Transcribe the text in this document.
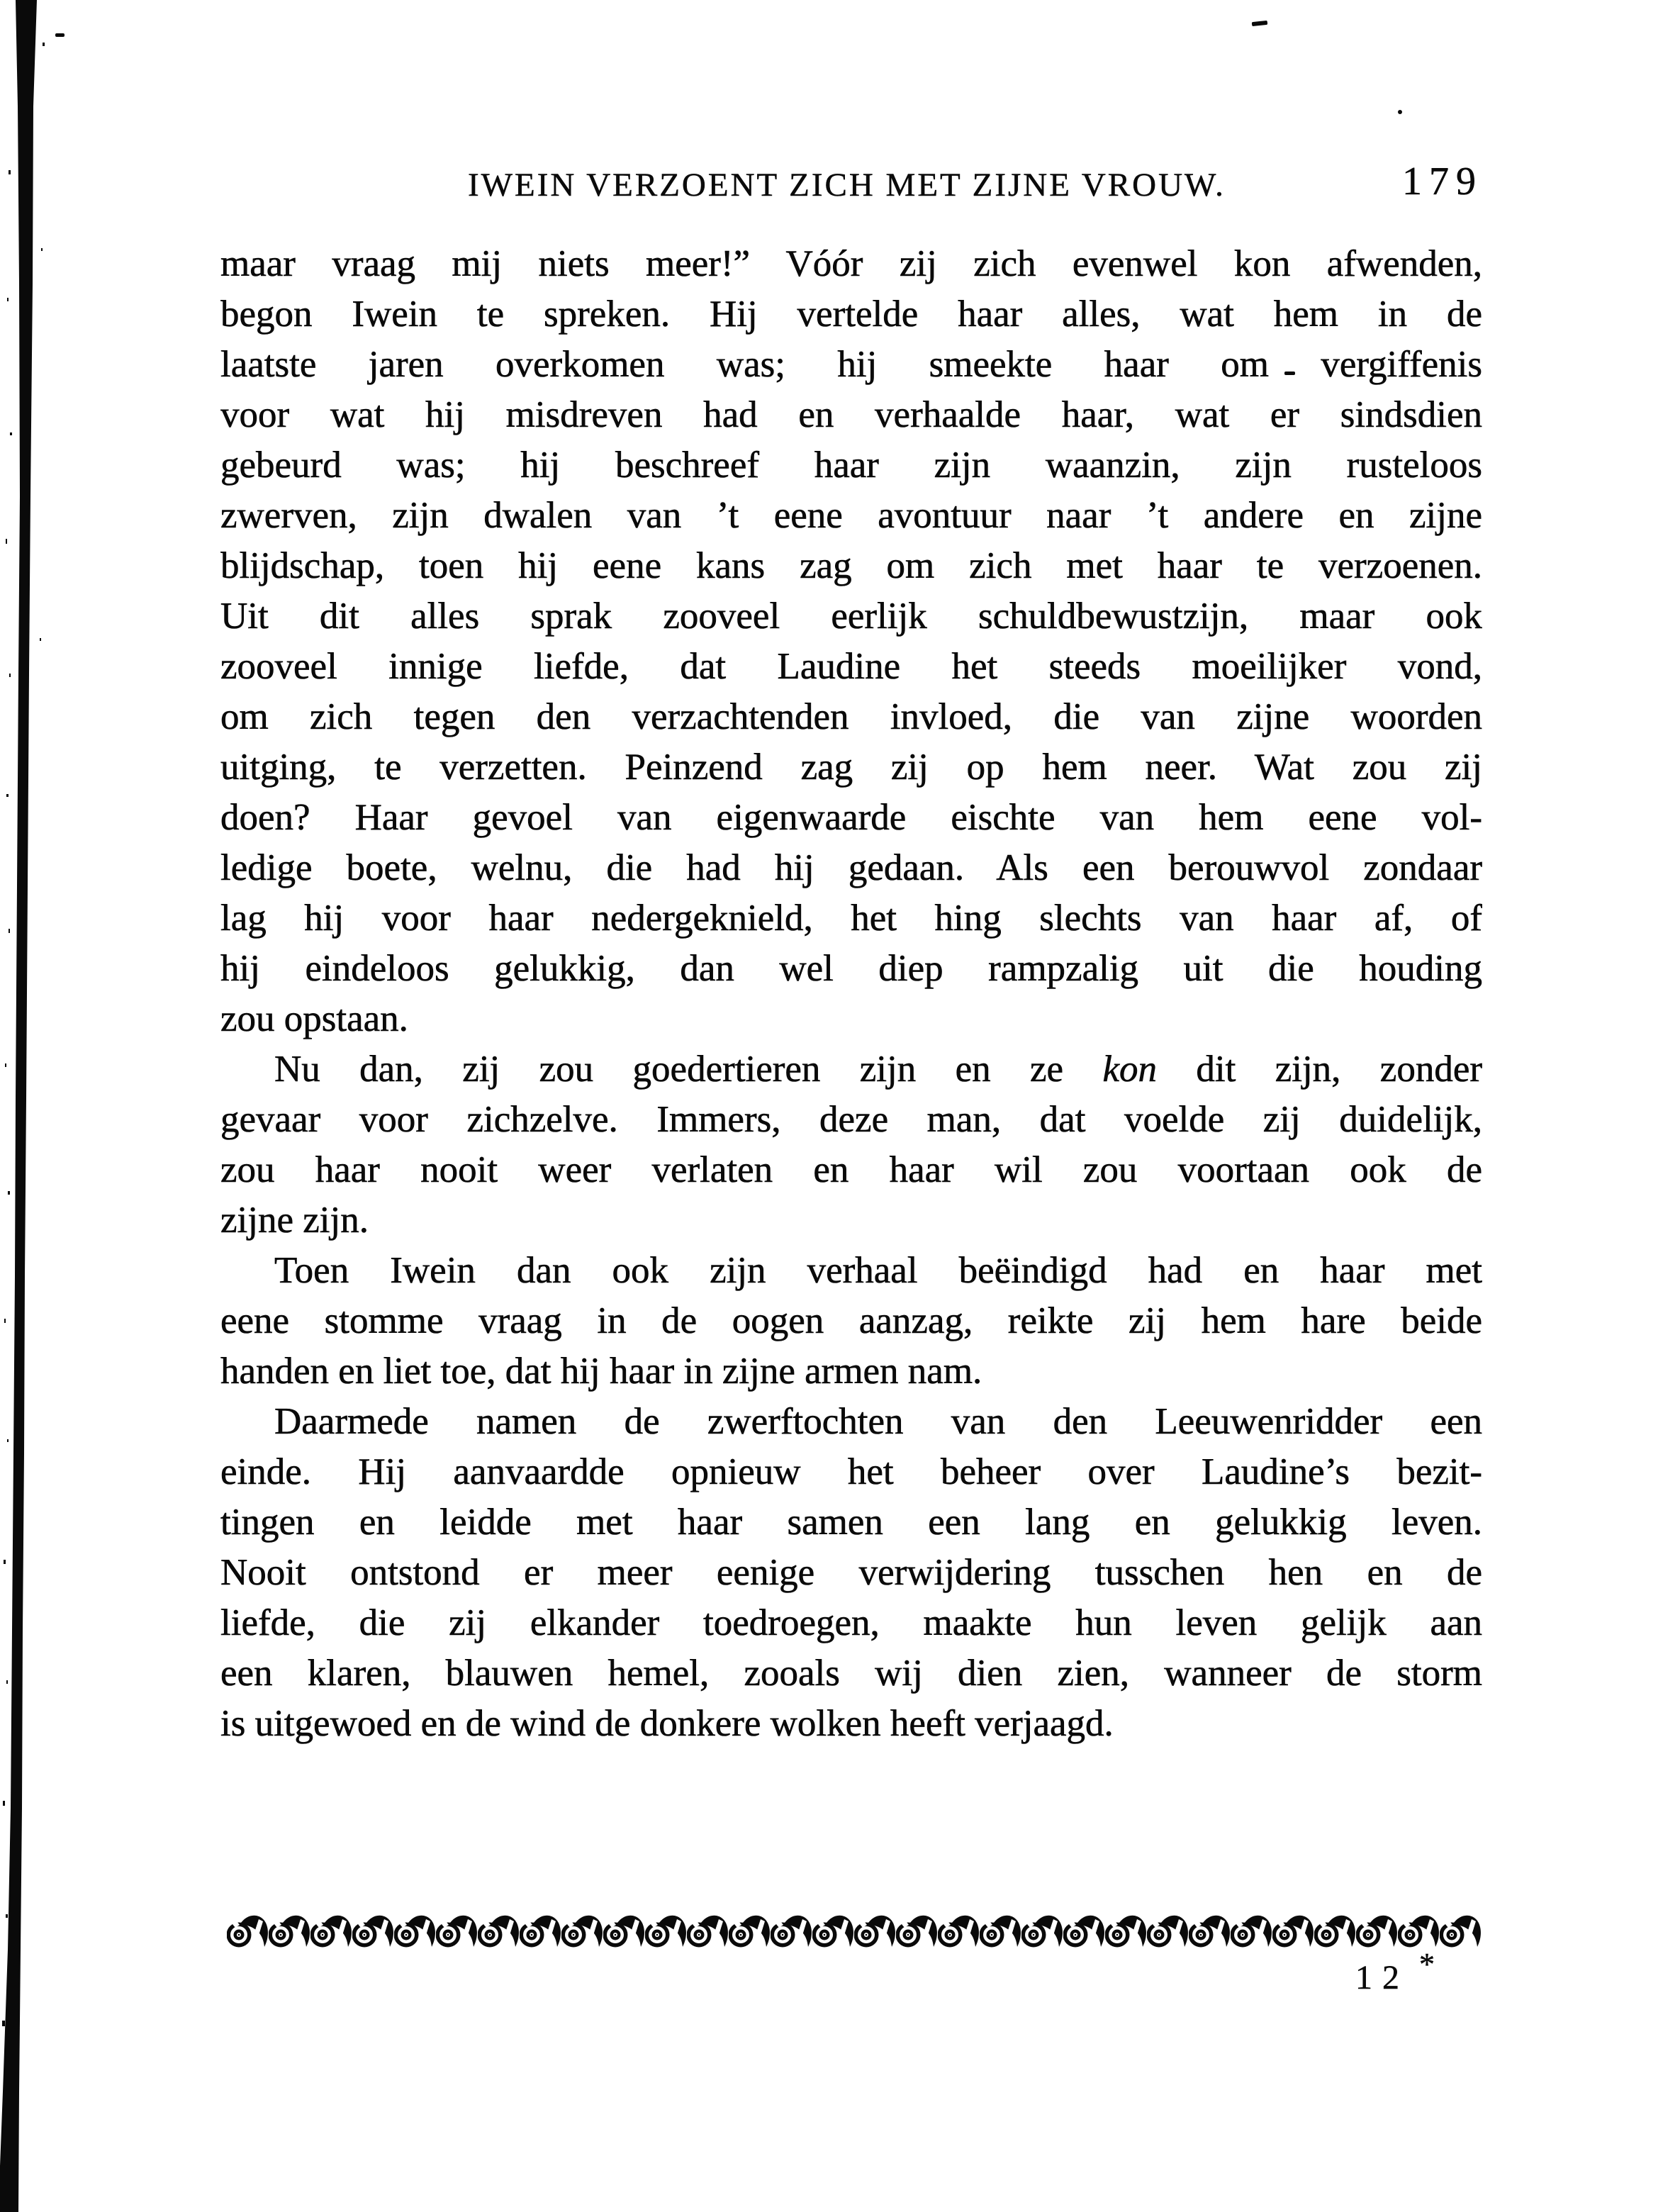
IWEIN VERZOENT ZICH MET ZIJNE VROUW.	179
maar vraag mij niets meer!” Vóór zij zich evenwel kon afwenden,
begon Iwein te spreken. Hij vertelde haar alles, wat hem in de
laatste jaren overkomen was; hij smeekte haar om vergiffenis
voor wat hij misdreven had en verhaalde haar, wat er sindsdien
gebeurd was; hij beschreef haar zijn waanzin, zijn rusteloos
zwerven, zijn dwalen van ’t eene avontuur naar ’t andere en zijne
blijdschap, toen hij eene kans zag om zich met haar te verzoenen.
Uit dit alles sprak zooveel eerlijk schuldbewustzijn, maar ook
zooveel innige liefde, dat Laudine het steeds moeilijker vond,
om zich tegen den verzachtenden invloed, die van zijne woorden
uitging, te verzetten. Peinzend zag zij op hem neer. Wat zou zij
doen? Haar gevoel van eigenwaarde eischte van hem eene vol-
ledige boete, welnu, die had hij gedaan. Als een berouwvol zondaar
lag hij voor haar nedergeknield, het hing slechts van haar af, of
hij eindeloos gelukkig, dan wel diep rampzalig uit die houding
zou opstaan.
Nu dan, zij zou goedertieren zijn en ze kon dit zijn, zonder
gevaar voor zichzelve. Immers, deze man, dat voelde zij duidelijk,
zou haar nooit weer verlaten en haar wil zou voortaan ook de
zijne zijn.
Toen Iwein dan ook zijn verhaal beëindigd had en haar met
eene stomme vraag in de oogen aanzag, reikte zij hem hare beide
handen en liet toe, dat hij haar in zijne armen nam.
Daarmede namen de zwerftochten van den Leeuwenridder een
einde. Hij aanvaardde opnieuw het beheer over Laudine’s bezit-
tingen en leidde met haar samen een lang en gelukkig leven.
Nooit ontstond er meer eenige verwijdering tusschen hen en de
liefde, die zij elkander toedroegen, maakte hun leven gelijk aan
een klaren, blauwen hemel, zooals wij dien zien, wanneer de storm
is uitgewoed en de wind de donkere wolken heeft verjaagd.
12 *
